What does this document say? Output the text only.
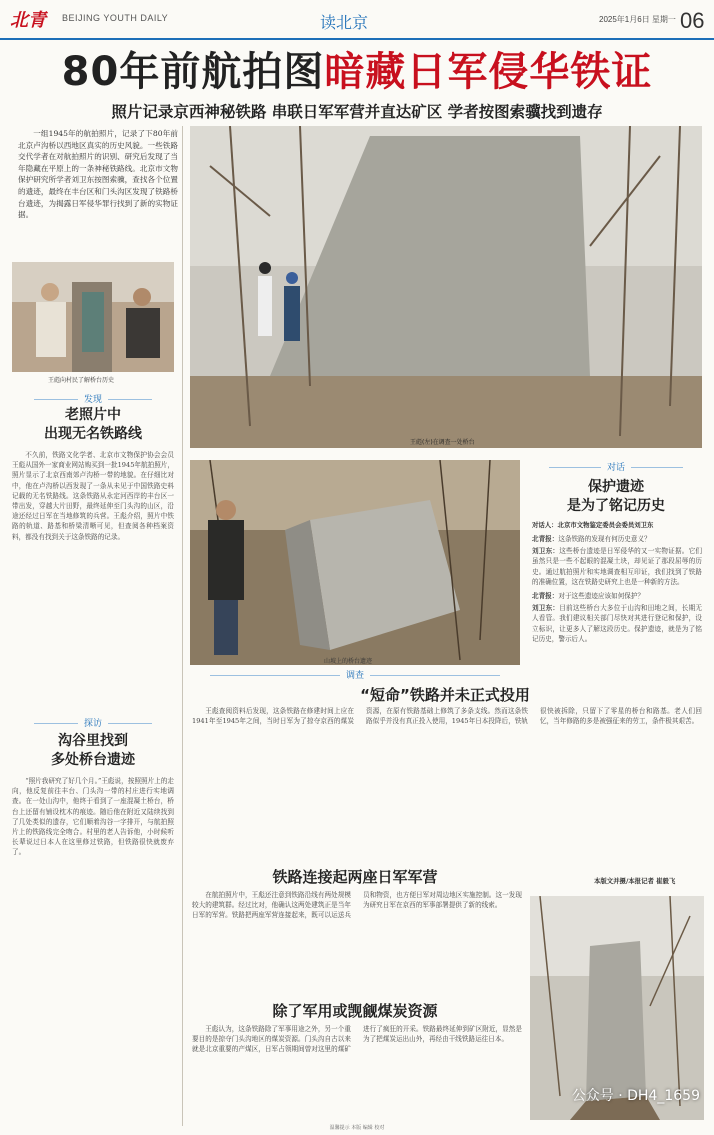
北青 BEIJING YOUTH DAILY	读北京	2025年1月6日 星期一 06
80年前航拍图暗藏日军侵华铁证
照片记录京西神秘铁路 串联日军军营并直达矿区 学者按图索骥找到遗存
一组1945年的航拍照片，记录了下80年前北京卢沟桥以西地区真实的历史风貌。一些铁路交代学者在对航拍照片的识别、研究后发现了当年隐藏在平原上的一条神秘铁路线。北京市文物保护研究所学者刘卫东按图索骥，查找各个位置的遗迹，最终在丰台区和门头沟区发现了铁路桥台遗迹，为揭露日军侵华罪行找到了新的实物证据。
王彪向村民了解桥台历史
王彪(左)在调查一处桥台
发现
老照片中
出现无名铁路线
不久前，铁路文化学者、北京市文物保护协会会员王彪从国外一家商业网站购买到一批1945年航拍照片，照片显示了北京西南郊卢沟桥一带的地貌。在仔细比对中，他在卢沟桥以西发现了一条从未见于中国铁路史料记载的无名铁路线。这条铁路从永定河西岸的丰台区一带出发，穿越大片田野，最终延伸至门头沟的山区，沿途还经过日军在当地修筑的兵营。王彪介绍，照片中铁路的轨道、路基和桥梁清晰可见，但查阅各种档案资料，都没有找到关于这条铁路的记录。
探访
沟谷里找到
多处桥台遗迹
“照片我研究了好几个月。”王彪说，按照照片上的走向，他反复前往丰台、门头沟一带的村庄进行实地调查。在一处山沟中，他终于看到了一座混凝土桥台，桥台上还留有铺设枕木的痕迹。随后他在附近又陆续找到了几处类似的遗存，它们顺着沟谷一字排开，与航拍照片上的铁路线完全吻合。村里的老人告诉他，小时候听长辈说过日本人在这里修过铁路，但铁路很快就废弃了。
山坡上的桥台遗迹
调查
“短命”铁路并未正式投用
王彪查阅资料后发现，这条铁路在修建时间上应在1941年至1945年之间，当时日军为了掠夺京西的煤炭资源，在原有铁路基础上修筑了多条支线。然而这条铁路似乎并没有真正投入使用，1945年日本投降后，铁轨很快被拆除，只留下了零星的桥台和路基。老人们回忆，当年修路的多是被强征来的劳工，条件极其艰苦。
铁路连接起两座日军军营
在航拍照片中，王彪还注意到铁路沿线有两处规模较大的建筑群。经过比对，他确认这两处建筑正是当年日军的军营。铁路把两座军营连接起来，既可以运送兵员和物资，也方便日军对周边地区实施控制。这一发现为研究日军在京西的军事部署提供了新的线索。
除了军用或觊觎煤炭资源
王彪认为，这条铁路除了军事用途之外，另一个重要目的是掠夺门头沟地区的煤炭资源。门头沟自古以来就是北京重要的产煤区，日军占领期间曾对这里的煤矿进行了疯狂的开采。铁路最终延伸到矿区附近，显然是为了把煤炭运出山外，再经由干线铁路运往日本。
对话
保护遗迹
是为了铭记历史
对话人：北京市文物鉴定委员会委员刘卫东

北青报：这条铁路的发现有何历史意义？

刘卫东：这些桥台遗迹是日军侵华的又一实物证据。它们虽然只是一些不起眼的混凝土块，却见证了那段屈辱的历史。通过航拍照片和实地调查相互印证，我们找到了铁路的准确位置，这在铁路史研究上也是一种新的方法。

北青报：对于这些遗迹应该如何保护？

刘卫东：目前这些桥台大多位于山沟和田地之间，长期无人看管。我们建议相关部门尽快对其进行登记和保护，设立标识，让更多人了解这段历史。保护遗迹，就是为了铭记历史，警示后人。

本版文并摄/本报记者 崔毅飞
公众号 · DH4_1659
温馨提示 本版 编辑 校对
